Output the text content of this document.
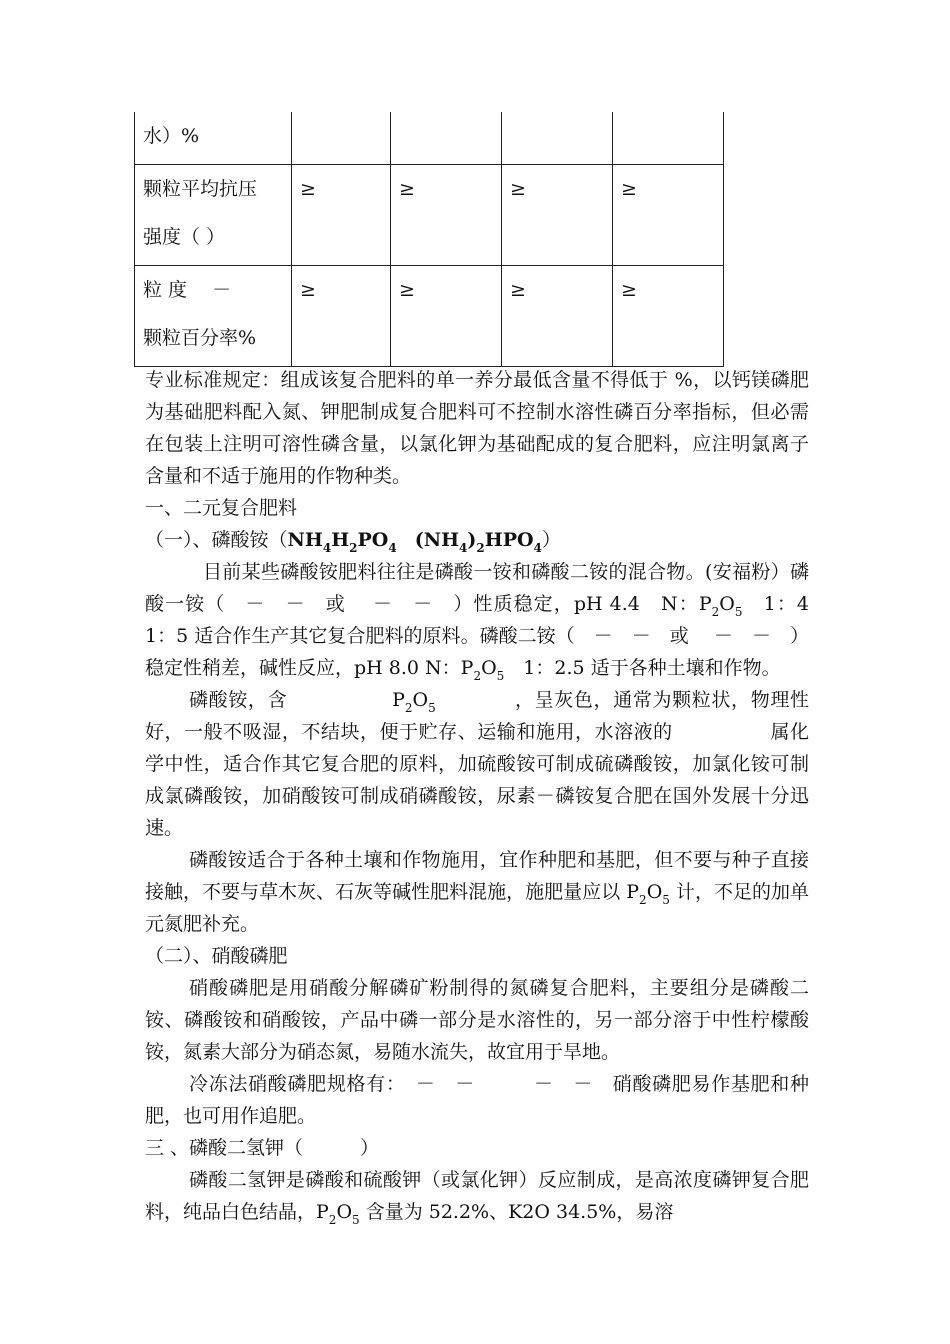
水）%				

颗粒平均抗压
强度（ ）	≥	≥	≥	≥

粒 度　 －
颗粒百分率%	≥	≥	≥	≥

专业标准规定：组成该复合肥料的单一养分最低含量不得低于 %，以钙镁磷肥为基础肥料配入氮、钾肥制成复合肥料可不控制水溶性磷百分率指标，但必需在包装上注明可溶性磷含量，以氯化钾为基础配成的复合肥料，应注明氯离子含量和不适于施用的作物种类。

一、二元复合肥料

（一）、磷酸铵（$NH_4H_2PO_4$ $(NH_4)_2HPO_4$）

目前某些磷酸铵肥料往往是磷酸一铵和磷酸二铵的混合物。(安福粉）磷酸一铵（　－　－　或　 －　－　）性质稳定，pH 4.4　N：$P_2O_5$　1：4　1：5 适合作生产其它复合肥料的原料。磷酸二铵（　－　－　或　 －　－　）稳定性稍差，碱性反应，pH 8.0 N：$P_2O_5$　1：2.5 适于各种土壤和作物。

磷酸铵，含　　　　　 $P_2O_5$　　　　，呈灰色，通常为颗粒状，物理性好，一般不吸湿，不结块，便于贮存、运输和施用，水溶液的　　　　　属化学中性，适合作其它复合肥的原料，加硫酸铵可制成硫磷酸铵，加氯化铵可制成氯磷酸铵，加硝酸铵可制成硝磷酸铵，尿素－磷铵复合肥在国外发展十分迅速。

磷酸铵适合于各种土壤和作物施用，宜作种肥和基肥，但不要与种子直接接触，不要与草木灰、石灰等碱性肥料混施，施肥量应以 $P_2O_5$ 计，不足的加单元氮肥补充。

（二）、硝酸磷肥

硝酸磷肥是用硝酸分解磷矿粉制得的氮磷复合肥料，主要组分是磷酸二铵、磷酸铵和硝酸铵，产品中磷一部分是水溶性的，另一部分溶于中性柠檬酸铵，氮素大部分为硝态氮，易随水流失，故宜用于旱地。

冷冻法硝酸磷肥规格有：　－　－　　　－　－　硝酸磷肥易作基肥和种肥，也可用作追肥。

三 、磷酸二氢钾（　　　）

磷酸二氢钾是磷酸和硫酸钾（或氯化钾）反应制成，是高浓度磷钾复合肥料，纯品白色结晶，$P_2O_5$ 含量为 52.2%、K2O 34.5%，易溶
